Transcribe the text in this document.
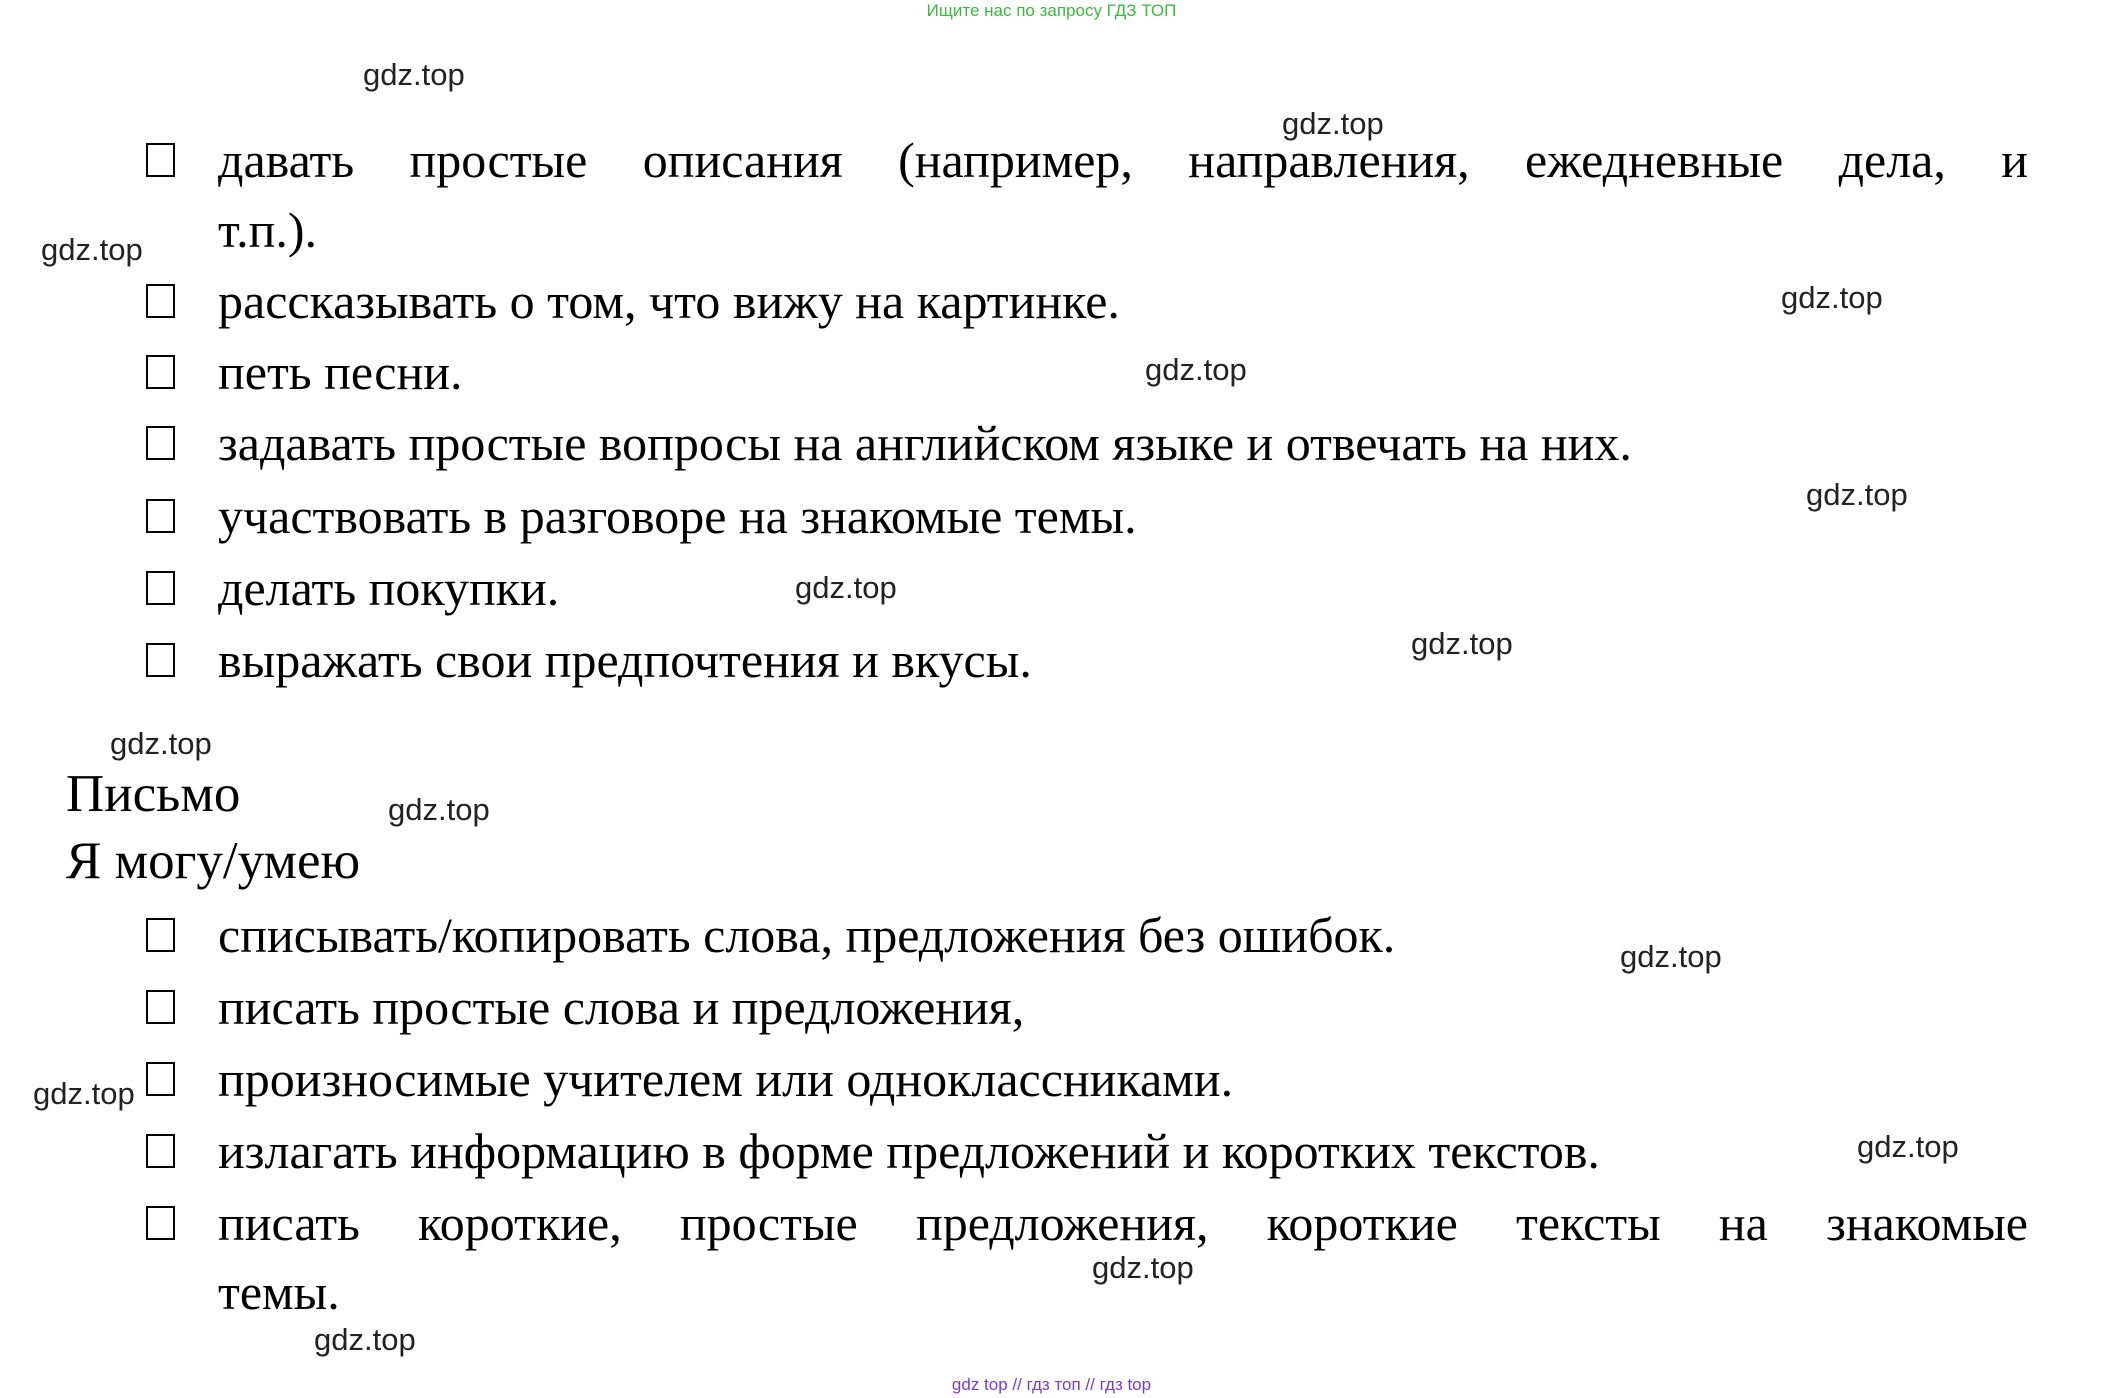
Ищите нас по запросу ГДЗ ТОП
давать простые описания (например, направления, ежедневные дела, и
т.п.).
рассказывать о том, что вижу на картинке.
петь песни.
задавать простые вопросы на английском языке и отвечать на них.
участвовать в разговоре на знакомые темы.
делать покупки.
выражать свои предпочтения и вкусы.
Письмо
Я могу/умею
списывать/копировать слова, предложения без ошибок.
писать простые слова и предложения,
произносимые учителем или одноклассниками.
излагать информацию в форме предложений и коротких текстов.
писать короткие, простые предложения, короткие тексты на знакомые
темы.
gdz.top
gdz.top
gdz.top
gdz.top
gdz.top
gdz.top
gdz.top
gdz.top
gdz.top
gdz.top
gdz.top
gdz.top
gdz.top
gdz.top
gdz.top
gdz top // гдз топ // гдз top
